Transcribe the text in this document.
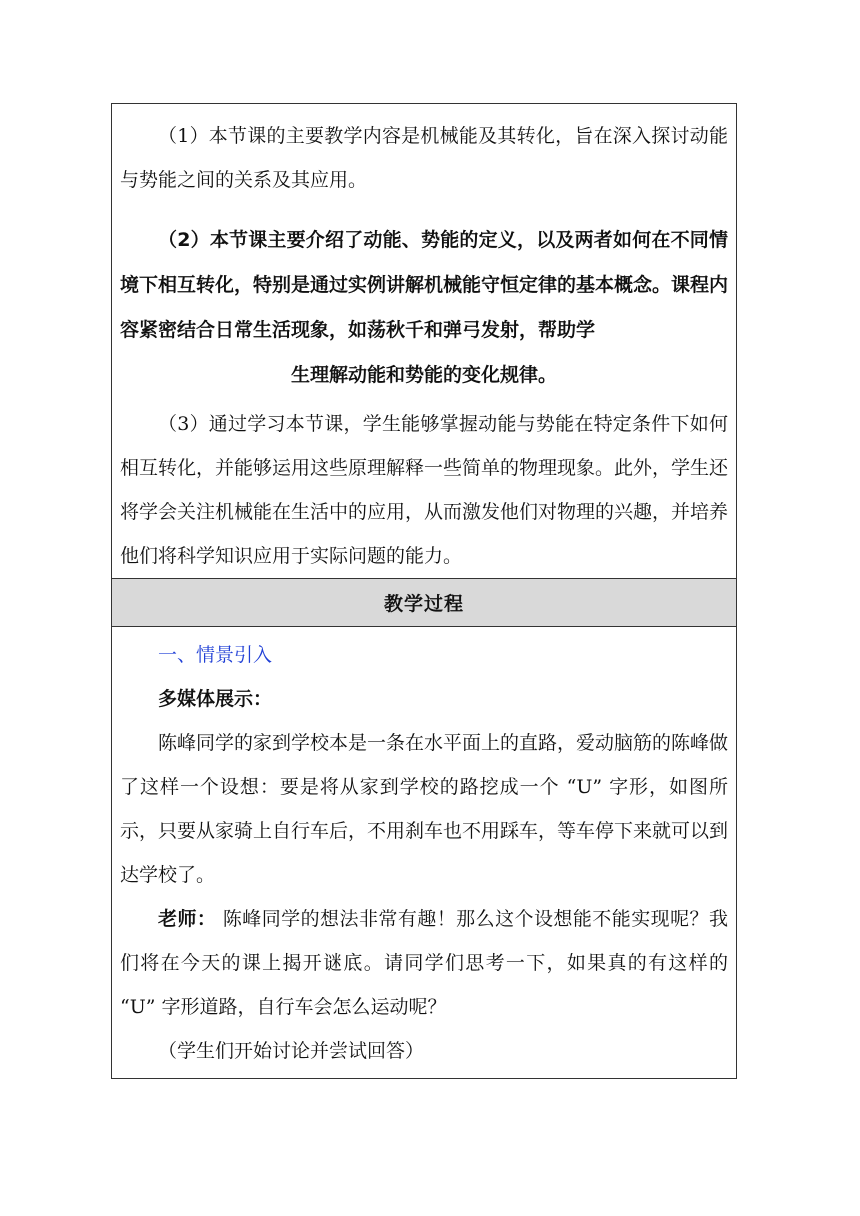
（1）本节课的主要教学内容是机械能及其转化，旨在深入探讨动能与势能之间的关系及其应用。

（2）本节课主要介绍了动能、势能的定义，以及两者如何在不同情境下相互转化，特别是通过实例讲解机械能守恒定律的基本概念。课程内容紧密结合日常生活现象，如荡秋千和弹弓发射，帮助学
生理解动能和势能的变化规律。

（3）通过学习本节课，学生能够掌握动能与势能在特定条件下如何相互转化，并能够运用这些原理解释一些简单的物理现象。此外，学生还将学会关注机械能在生活中的应用，从而激发他们对物理的兴趣，并培养他们将科学知识应用于实际问题的能力。

教学过程

一、情景引入

多媒体展示：

陈峰同学的家到学校本是一条在水平面上的直路，爱动脑筋的陈峰做了这样一个设想：要是将从家到学校的路挖成一个 “U” 字形，如图所示，只要从家骑上自行车后，不用刹车也不用踩车，等车停下来就可以到达学校了。

老师： 陈峰同学的想法非常有趣！那么这个设想能不能实现呢？我们将在今天的课上揭开谜底。请同学们思考一下，如果真的有这样的 “U” 字形道路，自行车会怎么运动呢？

（学生们开始讨论并尝试回答）
